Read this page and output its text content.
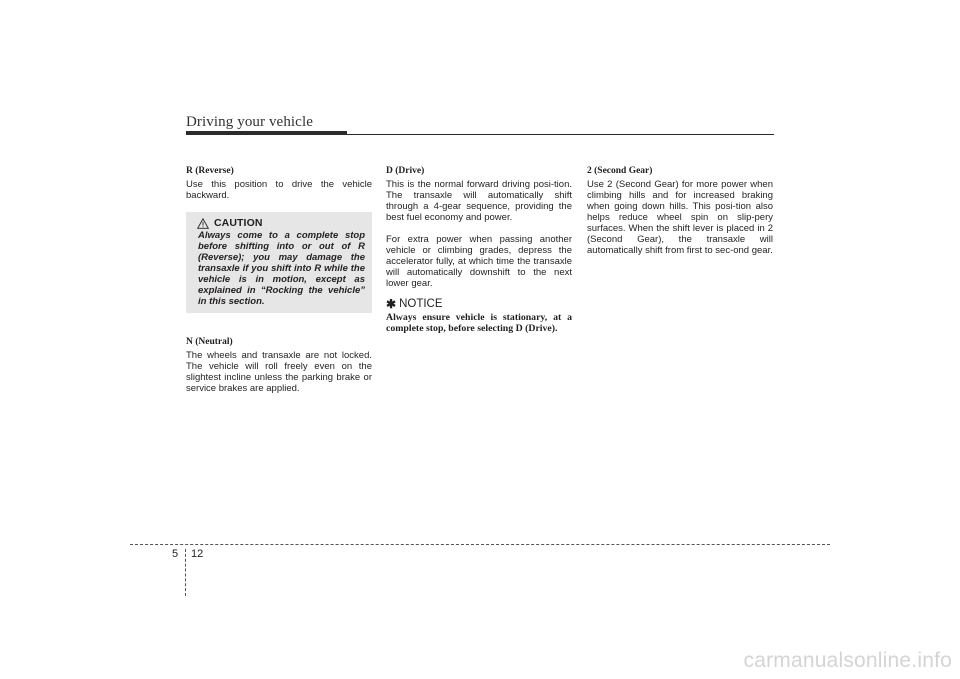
Driving your vehicle

R (Reverse)

Use this position to drive the vehicle backward.

CAUTION

Always come to a complete stop before shifting into or out of R (Reverse); you may damage the transaxle if you shift into R while the vehicle is in motion, except as explained in “Rocking the vehicle” in this section.

N (Neutral)

The wheels and transaxle are not locked. The vehicle will roll freely even on the slightest incline unless the parking brake or service brakes are applied.

D (Drive)

This is the normal forward driving posi-tion. The transaxle will automatically shift through a 4-gear sequence, providing the best fuel economy and power.

For extra power when passing another vehicle or climbing grades, depress the accelerator fully, at which time the transaxle will automatically downshift to the next lower gear.

✱ NOTICE

Always ensure vehicle is stationary, at a complete stop, before selecting D (Drive).

2 (Second Gear)

Use 2 (Second Gear) for more power when climbing hills and for increased braking when going down hills. This posi-tion also helps reduce wheel spin on slip-pery surfaces. When the shift lever is placed in 2 (Second Gear), the transaxle will automatically shift from first to sec-ond gear.

5 12
carmanualsonline.info
